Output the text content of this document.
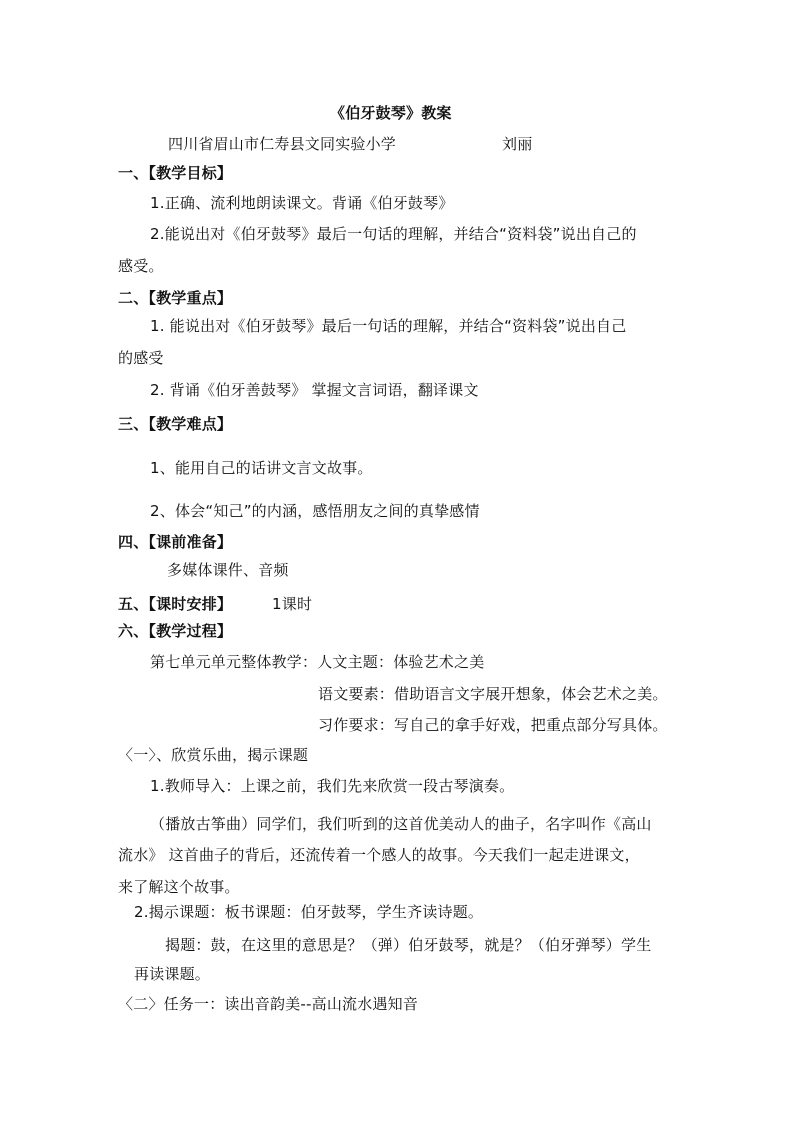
《伯牙鼓琴》教案
四川省眉山市仁寿县文同实验小学	刘丽
一、【教学目标】
1.正确、流利地朗读课文。背诵《伯牙鼓琴》
2.能说出对《伯牙鼓琴》最后一句话的理解，并结合“资料袋”说出自己的
感受。
二、【教学重点】
1. 能说出对《伯牙鼓琴》最后一句话的理解，并结合“资料袋”说出自己
的感受
2. 背诵《伯牙善鼓琴》 掌握文言词语，翻译课文
三、【教学难点】
1、能用自己的话讲文言文故事。
2、体会“知己”的内涵，感悟朋友之间的真挚感情
四、【课前准备】
多媒体课件、音频
五、【课时安排】	1课时
六、【教学过程】
第七单元单元整体教学：人文主题：体验艺术之美
语文要素：借助语言文字展开想象，体会艺术之美。
习作要求：写自己的拿手好戏，把重点部分写具体。
〈一〉、欣赏乐曲，揭示课题
1.教师导入：上课之前，我们先来欣赏一段古琴演奏。
（播放古筝曲）同学们，我们听到的这首优美动人的曲子，名字叫作《高山
流水》 这首曲子的背后，还流传着一个感人的故事。今天我们一起走进课文，
来了解这个故事。
2.揭示课题：板书课题：伯牙鼓琴，学生齐读诗题。
揭题：鼓，在这里的意思是？（弹）伯牙鼓琴，就是？（伯牙弹琴）学生
再读课题。
〈二〉任务一：读出音韵美--高山流水遇知音
